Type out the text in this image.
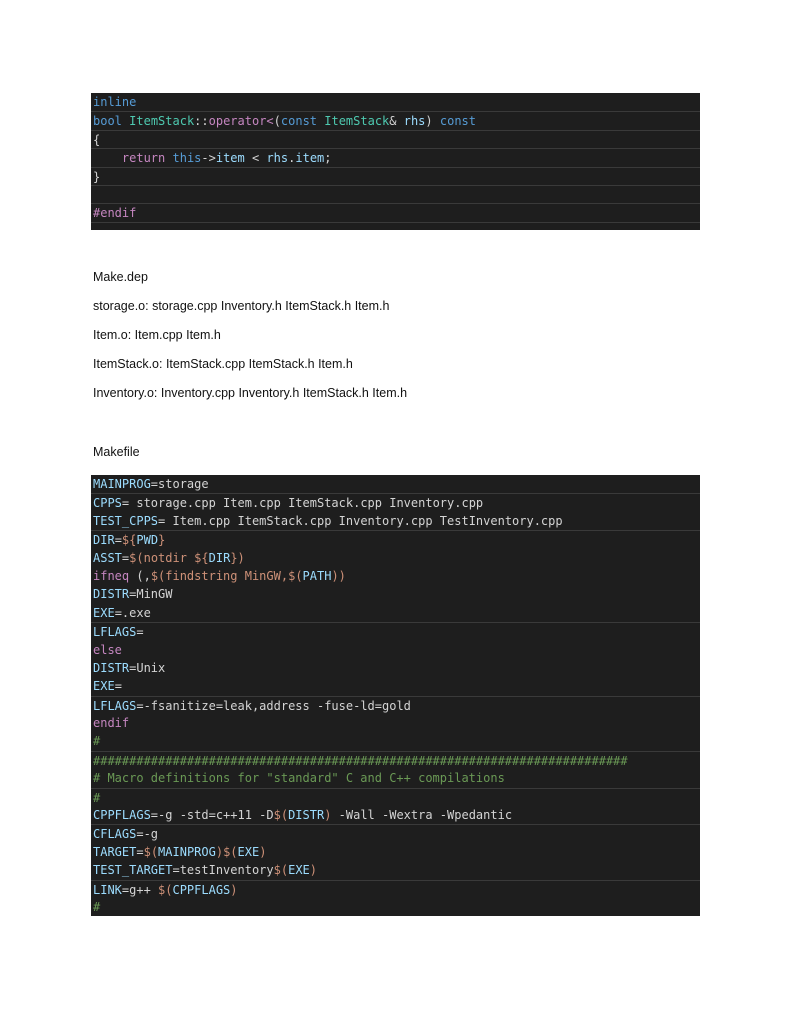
inline
bool ItemStack::operator<(const ItemStack& rhs) const
{
return this->item < rhs.item;
}
#endif
Make.dep
storage.o: storage.cpp Inventory.h ItemStack.h Item.h
Item.o: Item.cpp Item.h
ItemStack.o: ItemStack.cpp ItemStack.h Item.h
Inventory.o: Inventory.cpp Inventory.h ItemStack.h Item.h
Makefile
MAINPROG=storage
CPPS= storage.cpp Item.cpp ItemStack.cpp Inventory.cpp
TEST_CPPS= Item.cpp ItemStack.cpp Inventory.cpp TestInventory.cpp
DIR=${PWD}
ASST=$(notdir ${DIR})
ifneq (,$(findstring MinGW,$(PATH))
DISTR=MinGW
EXE=.exe
LFLAGS=
else
DISTR=Unix
EXE=
LFLAGS=-fsanitize=leak,address -fuse-ld=gold
endif
#
##########################################################################
# Macro definitions for "standard" C and C++ compilations
#
CPPFLAGS=-g -std=c++11 -D$(DISTR) -Wall -Wextra -Wpedantic
CFLAGS=-g
TARGET=$(MAINPROG)$(EXE)
TEST_TARGET=testInventory$(EXE)
LINK=g++ $(CPPFLAGS)
#
